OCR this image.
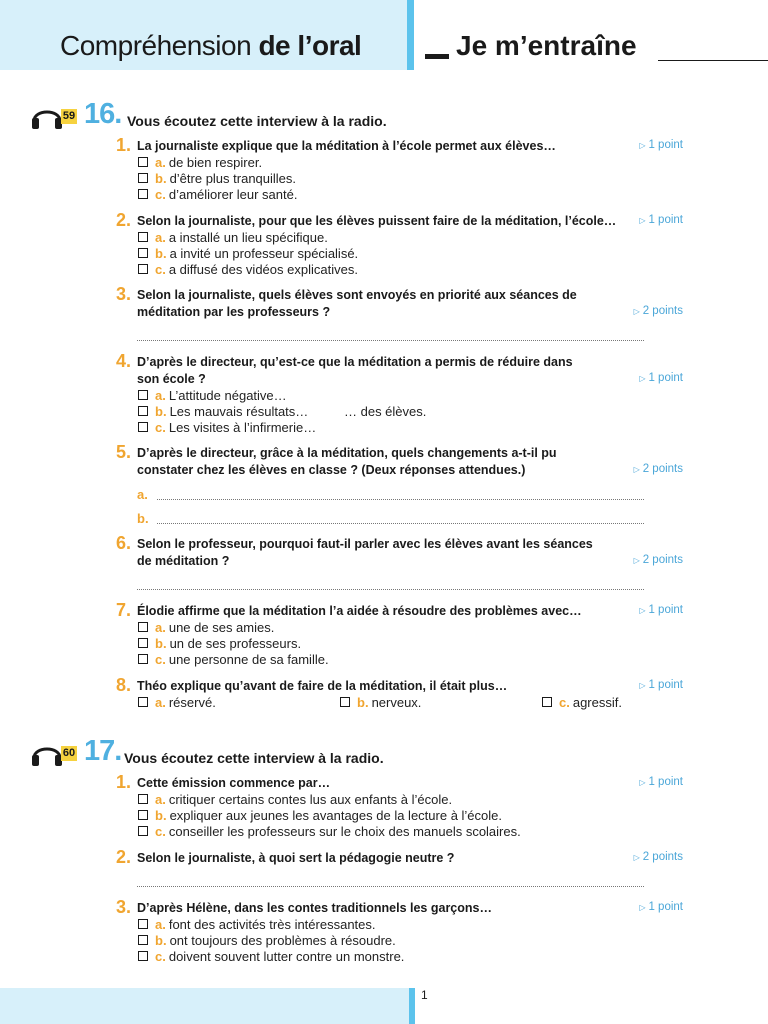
Compréhension de l’oral	Je m’entraîne
59 16. Vous écoutez cette interview à la radio.
1. La journaliste explique que la méditation à l’école permet aux élèves…	▷ 1 point
a. de bien respirer.
b. d’être plus tranquilles.
c. d’améliorer leur santé.
2. Selon la journaliste, pour que les élèves puissent faire de la méditation, l’école…	▷ 1 point
a. a installé un lieu spécifique.
b. a invité un professeur spécialisé.
c. a diffusé des vidéos explicatives.
3. Selon la journaliste, quels élèves sont envoyés en priorité aux séances de
méditation par les professeurs ?	▷ 2 points
4. D’après le directeur, qu’est-ce que la méditation a permis de réduire dans
son école ?	▷ 1 point
a. L’attitude négative…
b. Les mauvais résultats…
c. Les visites à l’infirmerie…
… des élèves.
5. D’après le directeur, grâce à la méditation, quels changements a-t-il pu
constater chez les élèves en classe ? (Deux réponses attendues.)	▷ 2 points
a.
b.
6. Selon le professeur, pourquoi faut-il parler avec les élèves avant les séances
de méditation ?	▷ 2 points
7. Élodie affirme que la méditation l’a aidée à résoudre des problèmes avec…	▷ 1 point
a. une de ses amies.
b. un de ses professeurs.
c. une personne de sa famille.
8. Théo explique qu’avant de faire de la méditation, il était plus…	▷ 1 point
a. réservé.	b. nerveux.	c. agressif.
60 17. Vous écoutez cette interview à la radio.
1. Cette émission commence par…	▷ 1 point
a. critiquer certains contes lus aux enfants à l’école.
b. expliquer aux jeunes les avantages de la lecture à l’école.
c. conseiller les professeurs sur le choix des manuels scolaires.
2. Selon le journaliste, à quoi sert la pédagogie neutre ?	▷ 2 points
3. D’après Hélène, dans les contes traditionnels les garçons…	▷ 1 point
a. font des activités très intéressantes.
b. ont toujours des problèmes à résoudre.
c. doivent souvent lutter contre un monstre.
1
